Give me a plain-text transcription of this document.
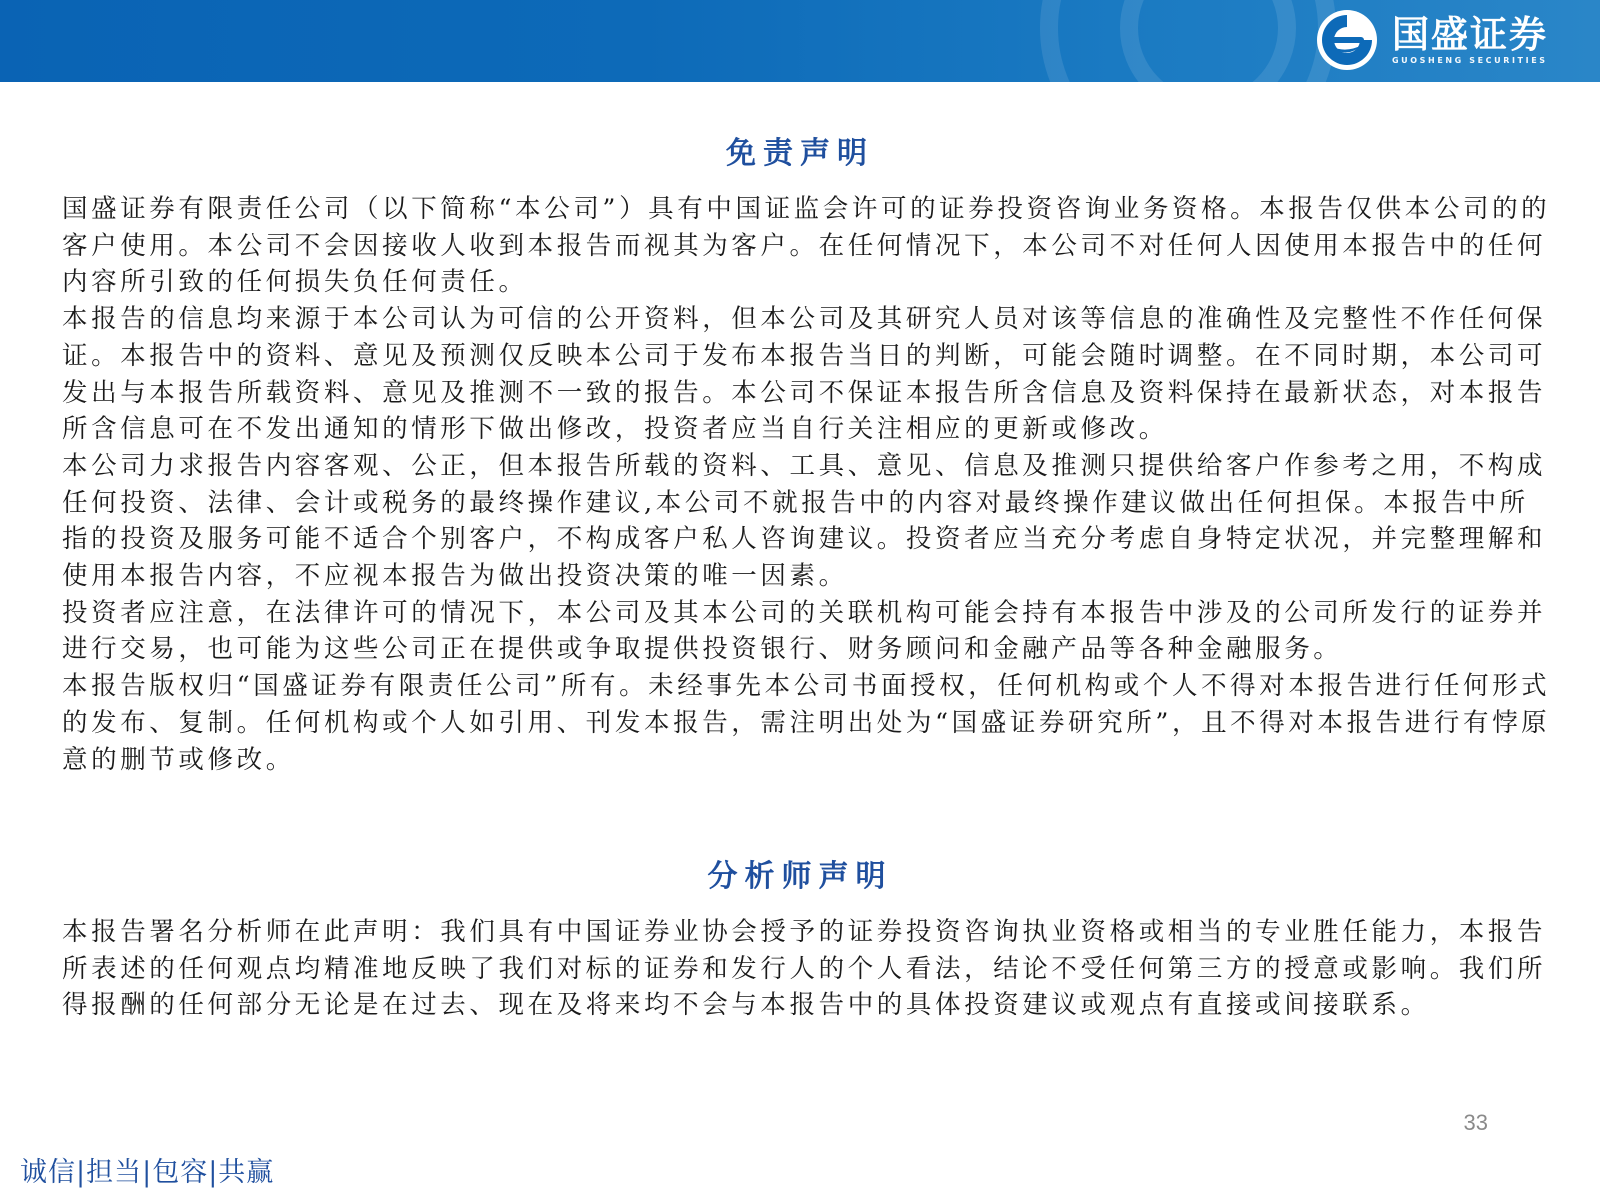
国盛证券
GUOSHENG SECURITIES
免责声明

国盛证券有限责任公司（以下简称“本公司”）具有中国证监会许可的证券投资咨询业务资格。本报告仅供本公司的的客户使用。本公司不会因接收人收到本报告而视其为客户。在任何情况下，本公司不对任何人因使用本报告中的任何内容所引致的任何损失负任何责任。

本报告的信息均来源于本公司认为可信的公开资料，但本公司及其研究人员对该等信息的准确性及完整性不作任何保证。本报告中的资料、意见及预测仅反映本公司于发布本报告当日的判断，可能会随时调整。在不同时期，本公司可发出与本报告所载资料、意见及推测不一致的报告。本公司不保证本报告所含信息及资料保持在最新状态，对本报告所含信息可在不发出通知的情形下做出修改，投资者应当自行关注相应的更新或修改。

本公司力求报告内容客观、公正，但本报告所载的资料、工具、意见、信息及推测只提供给客户作参考之用，不构成任何投资、法律、会计或税务的最终操作建议,本公司不就报告中的内容对最终操作建议做出任何担保。本报告中所指的投资及服务可能不适合个别客户，不构成客户私人咨询建议。投资者应当充分考虑自身特定状况，并完整理解和使用本报告内容，不应视本报告为做出投资决策的唯一因素。

投资者应注意，在法律许可的情况下，本公司及其本公司的关联机构可能会持有本报告中涉及的公司所发行的证券并进行交易，也可能为这些公司正在提供或争取提供投资银行、财务顾问和金融产品等各种金融服务。

本报告版权归“国盛证券有限责任公司”所有。未经事先本公司书面授权，任何机构或个人不得对本报告进行任何形式的发布、复制。任何机构或个人如引用、刊发本报告，需注明出处为“国盛证券研究所”，且不得对本报告进行有悖原意的删节或修改。

分析师声明

本报告署名分析师在此声明：我们具有中国证券业协会授予的证券投资咨询执业资格或相当的专业胜任能力，本报告所表述的任何观点均精准地反映了我们对标的证券和发行人的个人看法，结论不受任何第三方的授意或影响。我们所得报酬的任何部分无论是在过去、现在及将来均不会与本报告中的具体投资建议或观点有直接或间接联系。

33
诚信|担当|包容|共赢
